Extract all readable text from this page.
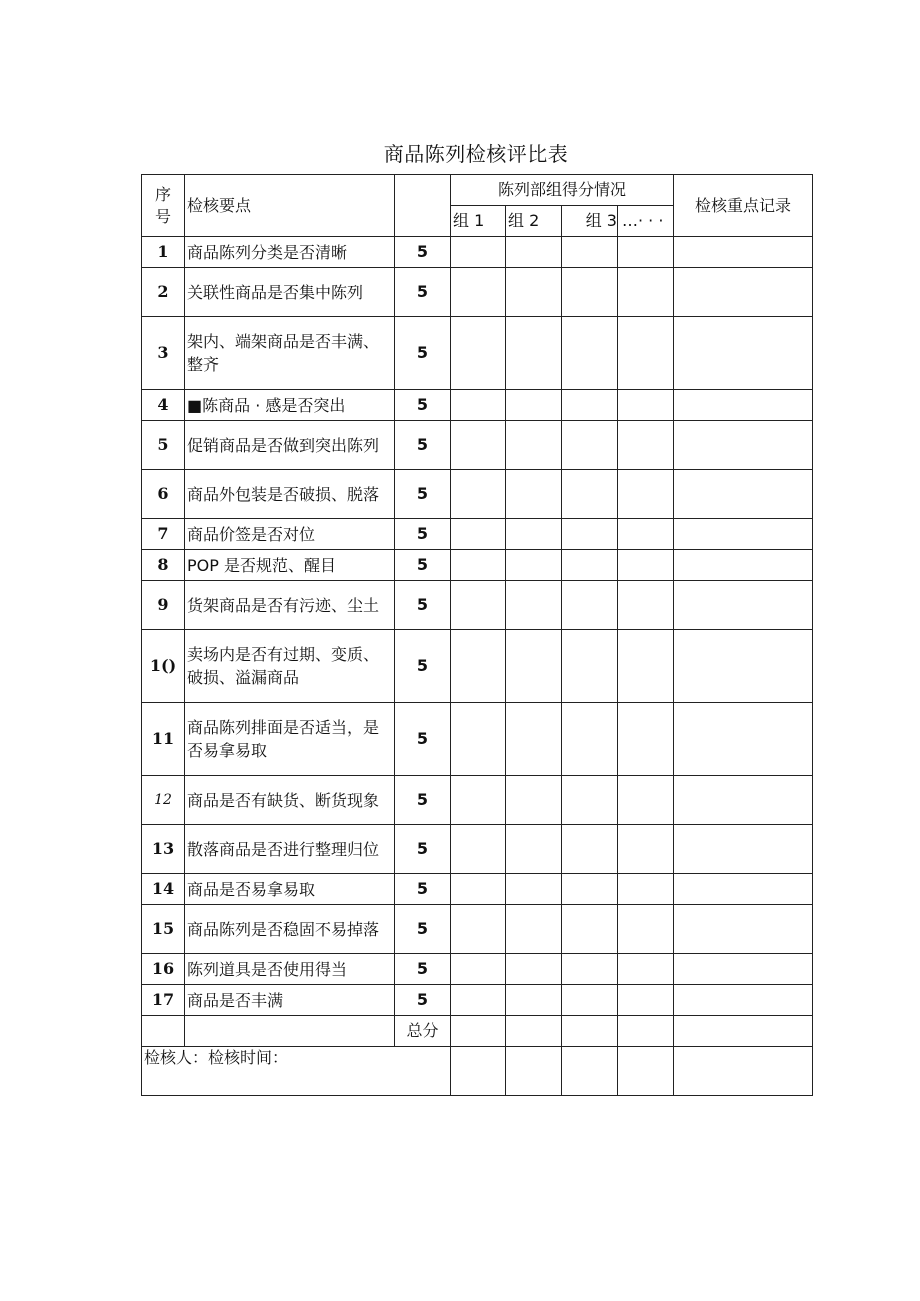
商品陈列检核评比表
序
号	检核要点		陈列部组得分情况				检核重点记录
			组 1	组 2	组 3	…· · ·	
1	商品陈列分类是否清晰	5					
2	关联性商品是否集中陈列	5					
3	架内、端架商品是否丰满、
整齐	5					
4	■陈商品 · 感是否突出	5					
5	促销商品是否做到突出陈列	5					
6	商品外包装是否破损、脱落	5					
7	商品价签是否对位	5					
8	POP 是否规范、醒目	5					
9	货架商品是否有污迹、尘土	5					
1()	卖场内是否有过期、变质、
破损、溢漏商品	5					
11	商品陈列排面是否适当，是
否易拿易取	5					
12	商品是否有缺货、断货现象	5					
13	散落商品是否进行整理归位	5					
14	商品是否易拿易取	5					
15	商品陈列是否稳固不易掉落	5					
16	陈列道具是否使用得当	5					
17	商品是否丰满	5					
		总分					
检核人：检核时间：							
